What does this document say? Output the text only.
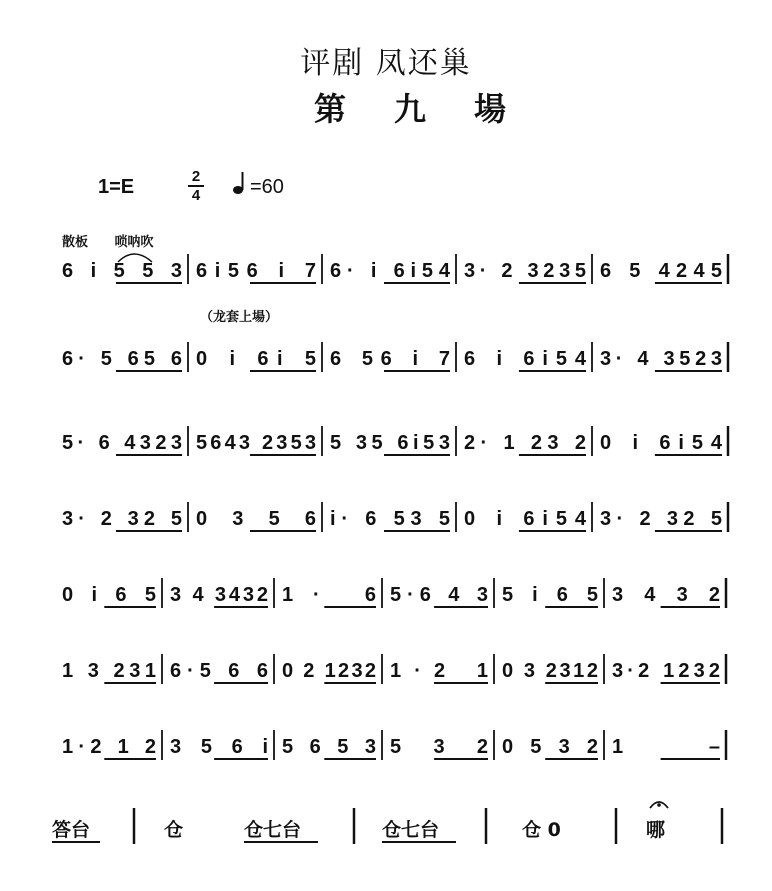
评剧 凤还巢
第九場
1=E	2
4 =60
散板 唢呐吹
（龙套上場）
6 i 5 5 3 6i56 i 7 6· i 6i54 3· 2 3235 6 5 4245
6· 5 65 6 0 i 6i 5 6 56 i 7 6 i 6i54 3· 4 3523
5· 6 4323 5643 2353 5 35 6i53 2· 1 23 2 0 i 6i54
3· 2 32 5 0 3 5 6 i· 6 53 5 0 i 6i54 3· 2 32 5
0 i 6 5 3 4 3432 1· 6 5·6 4 3 5 i 6 5 3 4 3 2
1 3 231 6·5 6 6 0 2 1232 1·2 1 0 3 2312 3·2 1232
1·2 1 2 3 5 6 i 5 6 5 3 5 3 2 0 5 3 2 1 –
答台	仓	仓七台	仓七台	仓 0	哪
